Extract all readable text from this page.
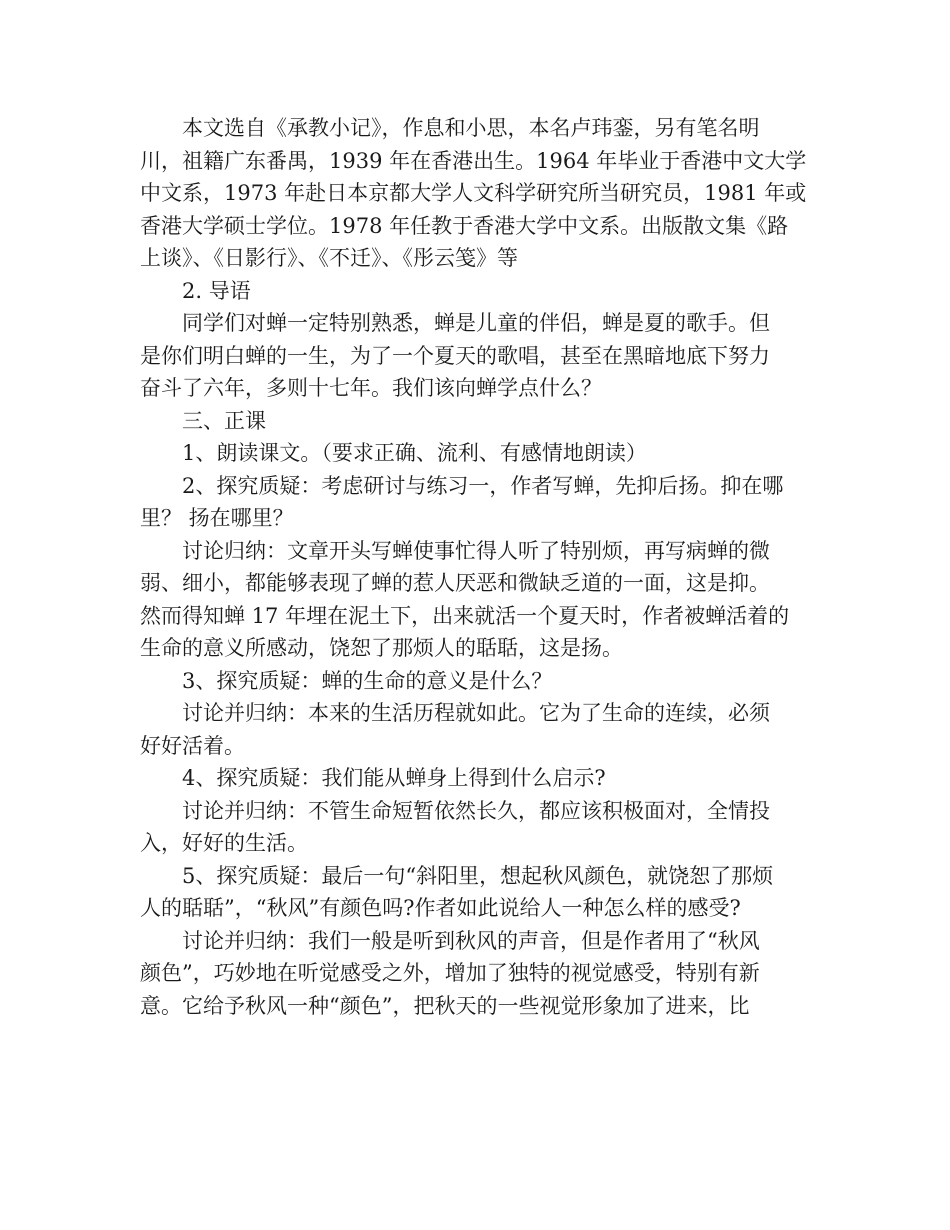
本文选自《承教小记》，作息和小思，本名卢玮銮，另有笔名明
川，祖籍广东番禺，1939 年在香港出生。1964 年毕业于香港中文大学
中文系，1973 年赴日本京都大学人文科学研究所当研究员，1981 年或
香港大学硕士学位。1978 年任教于香港大学中文系。出版散文集《路
上谈》、《日影行》、《不迁》、《彤云笺》等
2. 导语
同学们对蝉一定特别熟悉，蝉是儿童的伴侣，蝉是夏的歌手。但
是你们明白蝉的一生，为了一个夏天的歌唱，甚至在黑暗地底下努力
奋斗了六年，多则十七年。我们该向蝉学点什么？
三、正课
1、朗读课文。（要求正确、流利、有感情地朗读）
2、探究质疑：考虑研讨与练习一，作者写蝉，先抑后扬。抑在哪
里？ 扬在哪里？
讨论归纳：文章开头写蝉使事忙得人听了特别烦，再写病蝉的微
弱、细小，都能够表现了蝉的惹人厌恶和微缺乏道的一面，这是抑。
然而得知蝉 17 年埋在泥土下，出来就活一个夏天时，作者被蝉活着的
生命的意义所感动，饶恕了那烦人的聒聒，这是扬。
3、探究质疑：蝉的生命的意义是什么？
讨论并归纳：本来的生活历程就如此。它为了生命的连续，必须
好好活着。
4、探究质疑：我们能从蝉身上得到什么启示?
讨论并归纳：不管生命短暂依然长久，都应该积极面对，全情投
入，好好的生活。
5、探究质疑：最后一句“斜阳里，想起秋风颜色，就饶恕了那烦
人的聒聒”，“秋风”有颜色吗?作者如此说给人一种怎么样的感受?
讨论并归纳：我们一般是听到秋风的声音，但是作者用了“秋风
颜色”，巧妙地在听觉感受之外，增加了独特的视觉感受，特别有新
意。它给予秋风一种“颜色”，把秋天的一些视觉形象加了进来，比
